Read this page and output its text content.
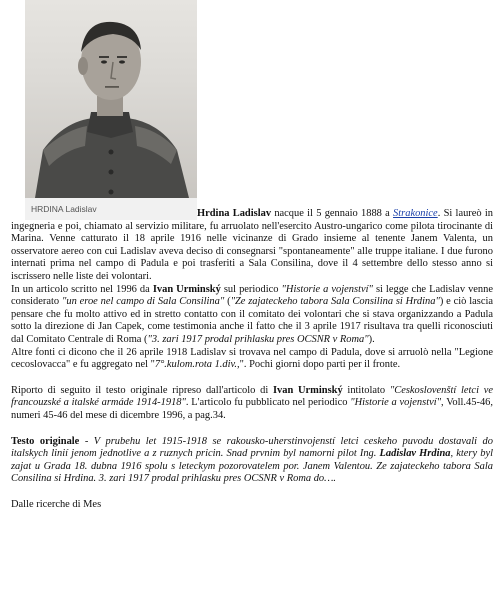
HRDINA Ladislav	Hrdina Ladislav nacque il 5 gennaio 1888 a Strakonice. Si laureò in ingegneria e poi, chiamato al servizio militare, fu arruolato nell'esercito Austro-ungarico come pilota tirocinante di Marina. Venne catturato il 18 aprile 1916 nelle vicinanze di Grado insieme al tenente Janem Valenta, un osservatore aereo con cui Ladislav aveva deciso di consegnarsi "spontaneamente" alle truppe italiane. I due furono internati prima nel campo di Padula e poi trasferiti a Sala Consilina, dove il 4 settembre dello stesso anno si iscrissero nelle liste dei volontari.

In un articolo scritto nel 1996 da Ivan Urminský sul periodico "Historie a vojenství" si legge che Ladislav venne considerato "un eroe nel campo di Sala Consilina" ("Ze zajateckeho tabora Sala Consilina si Hrdina") e ciò lascia pensare che fu molto attivo ed in stretto contatto con il comitato dei volontari che si stava organizzando a Padula sotto la direzione di Jan Capek, come testimonia anche il fatto che il 3 aprile 1917 risultava tra quelli riconosciuti dal Comitato Centrale di Roma ("3. zari 1917 prodal prihlasku pres OCSNR v Roma").

Altre fonti ci dicono che il 26 aprile 1918 Ladislav si trovava nel campo di Padula, dove si arruolò nella "Legione cecoslovacca" e fu aggregato nel "7°.kulom.rota 1.div.,". Pochi giorni dopo parti per il fronte.

Riporto di seguito il testo originale ripreso dall'articolo di Ivan Urminský intitolato "Ceskoslovenští letci ve francouzské a italské armáde 1914-1918". L'articolo fu pubblicato nel periodico "Historie a vojenství", Voll.45-46, numeri 45-46 del mese di dicembre 1996, a pag.34.

Testo originale - V prubehu let 1915-1918 se rakousko-uherstinvojenstí letci ceskeho puvodu dostavali do italskych linií jenom jednotlive a z ruznych pricin. Snad prvnim byl namorni pilot Ing. Ladislav Hrdina, ktery byl zajat u Grada 18. dubna 1916 spolu s leteckym pozorovatelem por. Janem Valentou. Ze zajateckeho tabora Sala Consilina si Hrdina. 3. zari 1917 prodal prihlasku pres OCSNR v Roma do….

Dalle ricerche di Mes
